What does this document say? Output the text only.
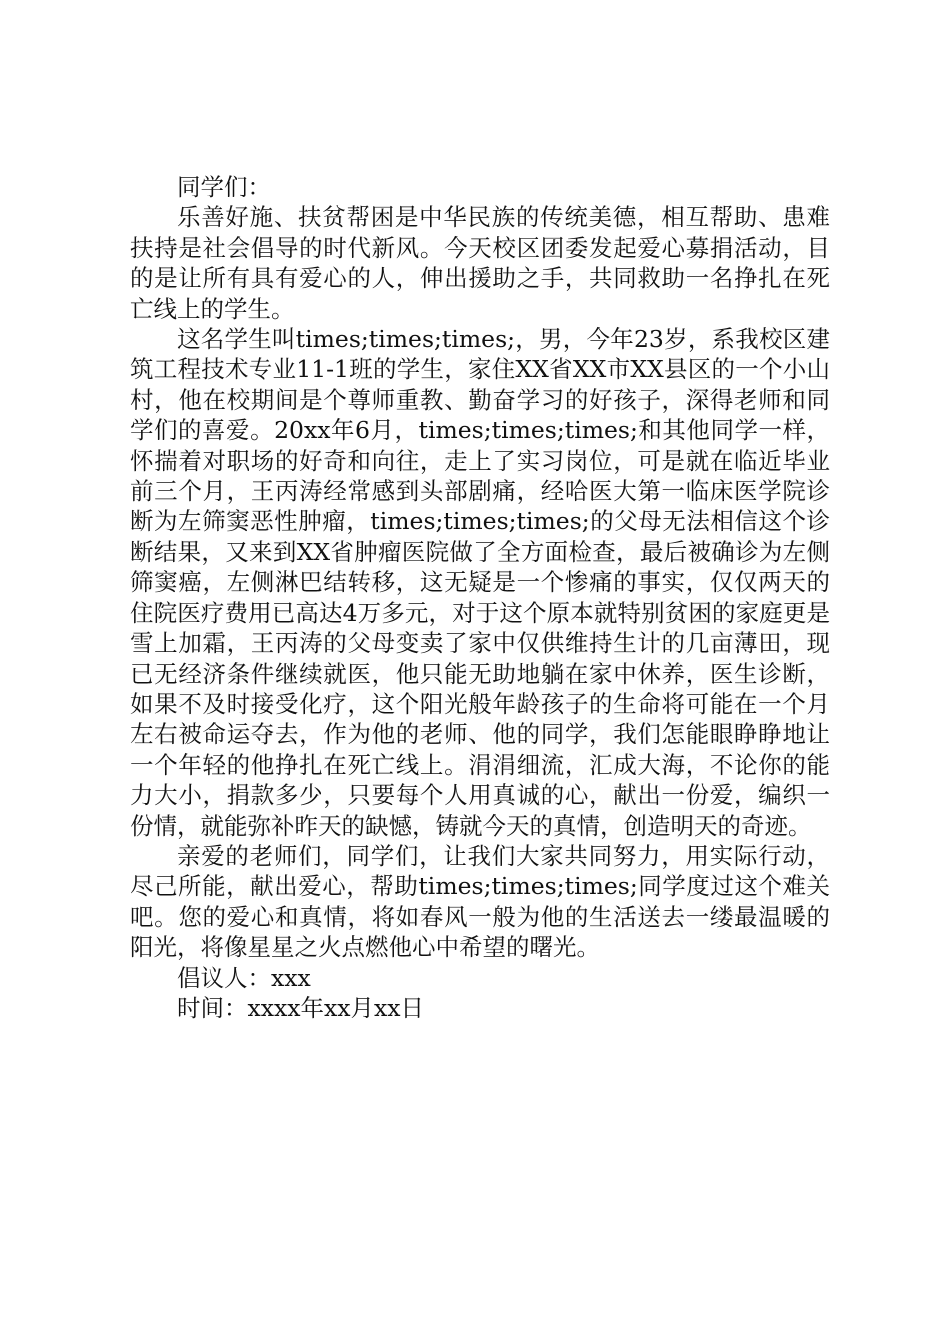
同学们：

乐善好施、扶贫帮困是中华民族的传统美德，相互帮助、患难扶持是社会倡导的时代新风。今天校区团委发起爱心募捐活动，目的是让所有具有爱心的人，伸出援助之手，共同救助一名挣扎在死亡线上的学生。

这名学生叫times;times;times;，男，今年23岁，系我校区建筑工程技术专业11-1班的学生，家住XX省XX市XX县区的一个小山村，他在校期间是个尊师重教、勤奋学习的好孩子，深得老师和同学们的喜爱。20xx年6月，times;times;times;和其他同学一样，怀揣着对职场的好奇和向往，走上了实习岗位，可是就在临近毕业前三个月，王丙涛经常感到头部剧痛，经哈医大第一临床医学院诊断为左筛窦恶性肿瘤，times;times;times;的父母无法相信这个诊断结果，又来到XX省肿瘤医院做了全方面检查，最后被确诊为左侧筛窦癌，左侧淋巴结转移，这无疑是一个惨痛的事实，仅仅两天的住院医疗费用已高达4万多元，对于这个原本就特别贫困的家庭更是雪上加霜，王丙涛的父母变卖了家中仅供维持生计的几亩薄田，现已无经济条件继续就医，他只能无助地躺在家中休养，医生诊断，如果不及时接受化疗，这个阳光般年龄孩子的生命将可能在一个月左右被命运夺去，作为他的老师、他的同学，我们怎能眼睁睁地让一个年轻的他挣扎在死亡线上。涓涓细流，汇成大海，不论你的能力大小，捐款多少，只要每个人用真诚的心，献出一份爱，编织一份情，就能弥补昨天的缺憾，铸就今天的真情，创造明天的奇迹。

亲爱的老师们，同学们，让我们大家共同努力，用实际行动，尽己所能，献出爱心，帮助times;times;times;同学度过这个难关吧。您的爱心和真情，将如春风一般为他的生活送去一缕最温暖的阳光，将像星星之火点燃他心中希望的曙光。

倡议人：xxx

时间：xxxx年xx月xx日
